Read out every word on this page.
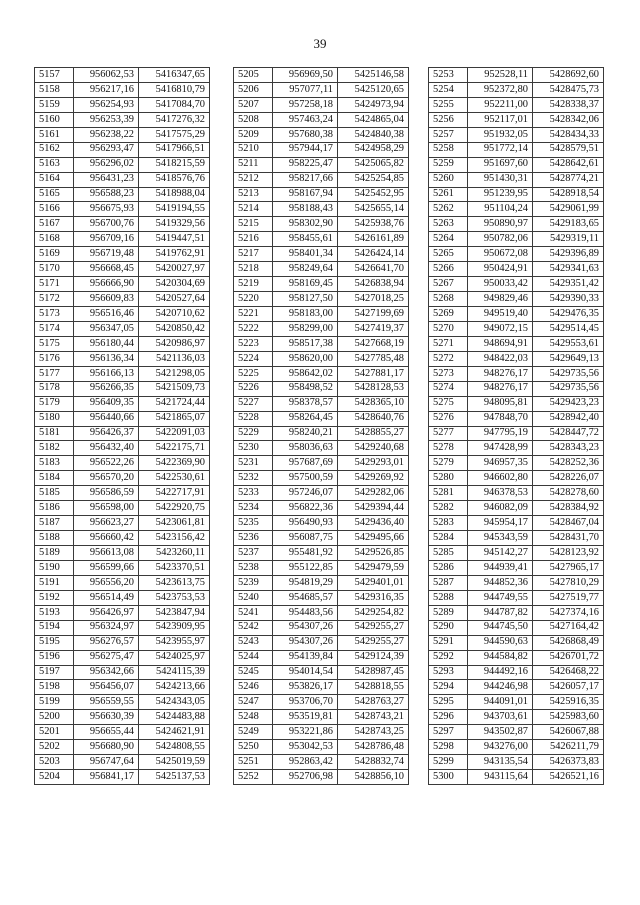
39
5157	956062,53	5416347,65
5158	956217,16	5416810,79
5159	956254,93	5417084,70
5160	956253,39	5417276,32
5161	956238,22	5417575,29
5162	956293,47	5417966,51
5163	956296,02	5418215,59
5164	956431,23	5418576,76
5165	956588,23	5418988,04
5166	956675,93	5419194,55
5167	956700,76	5419329,56
5168	956709,16	5419447,51
5169	956719,48	5419762,91
5170	956668,45	5420027,97
5171	956666,90	5420304,69
5172	956609,83	5420527,64
5173	956516,46	5420710,62
5174	956347,05	5420850,42
5175	956180,44	5420986,97
5176	956136,34	5421136,03
5177	956166,13	5421298,05
5178	956266,35	5421509,73
5179	956409,35	5421724,44
5180	956440,66	5421865,07
5181	956426,37	5422091,03
5182	956432,40	5422175,71
5183	956522,26	5422369,90
5184	956570,20	5422530,61
5185	956586,59	5422717,91
5186	956598,00	5422920,75
5187	956623,27	5423061,81
5188	956660,42	5423156,42
5189	956613,08	5423260,11
5190	956599,66	5423370,51
5191	956556,20	5423613,75
5192	956514,49	5423753,53
5193	956426,97	5423847,94
5194	956324,97	5423909,95
5195	956276,57	5423955,97
5196	956275,47	5424025,97
5197	956342,66	5424115,39
5198	956456,07	5424213,66
5199	956559,55	5424343,05
5200	956630,39	5424483,88
5201	956655,44	5424621,91
5202	956680,90	5424808,55
5203	956747,64	5425019,59
5204	956841,17	5425137,53
5205	956969,50	5425146,58
5206	957077,11	5425120,65
5207	957258,18	5424973,94
5208	957463,24	5424865,04
5209	957680,38	5424840,38
5210	957944,17	5424958,29
5211	958225,47	5425065,82
5212	958217,66	5425254,85
5213	958167,94	5425452,95
5214	958188,43	5425655,14
5215	958302,90	5425938,76
5216	958455,61	5426161,89
5217	958401,34	5426424,14
5218	958249,64	5426641,70
5219	958169,45	5426838,94
5220	958127,50	5427018,25
5221	958183,00	5427199,69
5222	958299,00	5427419,37
5223	958517,38	5427668,19
5224	958620,00	5427785,48
5225	958642,02	5427881,17
5226	958498,52	5428128,53
5227	958378,57	5428365,10
5228	958264,45	5428640,76
5229	958240,21	5428855,27
5230	958036,63	5429240,68
5231	957687,69	5429293,01
5232	957500,59	5429269,92
5233	957246,07	5429282,06
5234	956822,36	5429394,44
5235	956490,93	5429436,40
5236	956087,75	5429495,66
5237	955481,92	5429526,85
5238	955122,85	5429479,59
5239	954819,29	5429401,01
5240	954685,57	5429316,35
5241	954483,56	5429254,82
5242	954307,26	5429255,27
5243	954307,26	5429255,27
5244	954139,84	5429124,39
5245	954014,54	5428987,45
5246	953826,17	5428818,55
5247	953706,70	5428763,27
5248	953519,81	5428743,21
5249	953221,86	5428743,25
5250	953042,53	5428786,48
5251	952863,42	5428832,74
5252	952706,98	5428856,10
5253	952528,11	5428692,60
5254	952372,80	5428475,73
5255	952211,00	5428338,37
5256	952117,01	5428342,06
5257	951932,05	5428434,33
5258	951772,14	5428579,51
5259	951697,60	5428642,61
5260	951430,31	5428774,21
5261	951239,95	5428918,54
5262	951104,24	5429061,99
5263	950890,97	5429183,65
5264	950782,06	5429319,11
5265	950672,08	5429396,89
5266	950424,91	5429341,63
5267	950033,42	5429351,42
5268	949829,46	5429390,33
5269	949519,40	5429476,35
5270	949072,15	5429514,45
5271	948694,91	5429553,61
5272	948422,03	5429649,13
5273	948276,17	5429735,56
5274	948276,17	5429735,56
5275	948095,81	5429423,23
5276	947848,70	5428942,40
5277	947795,19	5428447,72
5278	947428,99	5428343,23
5279	946957,35	5428252,36
5280	946602,80	5428226,07
5281	946378,53	5428278,60
5282	946082,09	5428384,92
5283	945954,17	5428467,04
5284	945343,59	5428431,70
5285	945142,27	5428123,92
5286	944939,41	5427965,17
5287	944852,36	5427810,29
5288	944749,55	5427519,77
5289	944787,82	5427374,16
5290	944745,50	5427164,42
5291	944590,63	5426868,49
5292	944584,82	5426701,72
5293	944492,16	5426468,22
5294	944246,98	5426057,17
5295	944091,01	5425916,35
5296	943703,61	5425983,60
5297	943502,87	5426067,88
5298	943276,00	5426211,79
5299	943135,54	5426373,83
5300	943115,64	5426521,16
